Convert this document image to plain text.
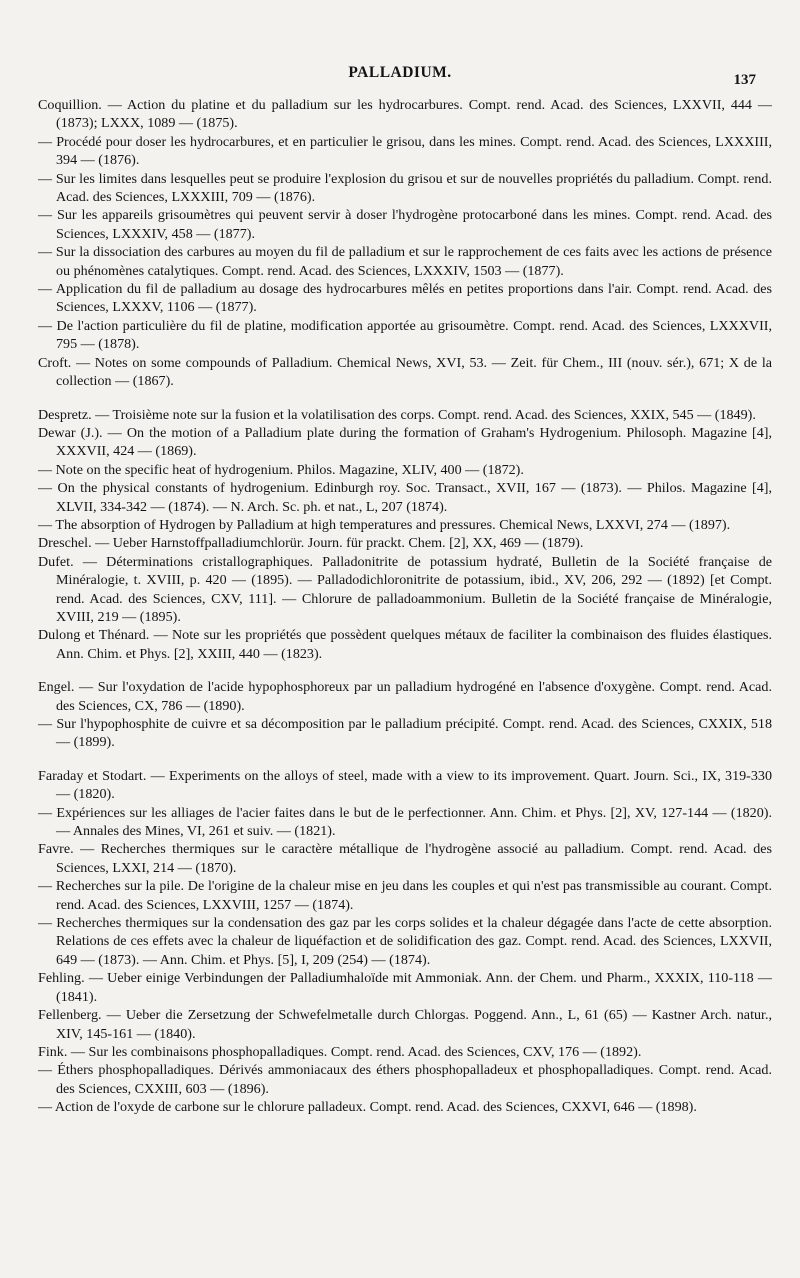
PALLADIUM.	137

Coquillion. — Action du platine et du palladium sur les hydrocarbures. Compt. rend. Acad. des Sciences, LXXVII, 444 — (1873); LXXX, 1089 — (1875).

— Procédé pour doser les hydrocarbures, et en particulier le grisou, dans les mines. Compt. rend. Acad. des Sciences, LXXXIII, 394 — (1876).

— Sur les limites dans lesquelles peut se produire l'explosion du grisou et sur de nouvelles propriétés du palladium. Compt. rend. Acad. des Sciences, LXXXIII, 709 — (1876).

— Sur les appareils grisoumètres qui peuvent servir à doser l'hydrogène protocarboné dans les mines. Compt. rend. Acad. des Sciences, LXXXIV, 458 — (1877).

— Sur la dissociation des carbures au moyen du fil de palladium et sur le rapprochement de ces faits avec les actions de présence ou phénomènes catalytiques. Compt. rend. Acad. des Sciences, LXXXIV, 1503 — (1877).

— Application du fil de palladium au dosage des hydrocarbures mêlés en petites proportions dans l'air. Compt. rend. Acad. des Sciences, LXXXV, 1106 — (1877).

— De l'action particulière du fil de platine, modification apportée au grisoumètre. Compt. rend. Acad. des Sciences, LXXXVII, 795 — (1878).

Croft. — Notes on some compounds of Palladium. Chemical News, XVI, 53. — Zeit. für Chem., III (nouv. sér.), 671; X de la collection — (1867).

Despretz. — Troisième note sur la fusion et la volatilisation des corps. Compt. rend. Acad. des Sciences, XXIX, 545 — (1849).

Dewar (J.). — On the motion of a Palladium plate during the formation of Graham's Hydrogenium. Philosoph. Magazine [4], XXXVII, 424 — (1869).

— Note on the specific heat of hydrogenium. Philos. Magazine, XLIV, 400 — (1872).

— On the physical constants of hydrogenium. Edinburgh roy. Soc. Transact., XVII, 167 — (1873). — Philos. Magazine [4], XLVII, 334-342 — (1874). — N. Arch. Sc. ph. et nat., L, 207 (1874).

— The absorption of Hydrogen by Palladium at high temperatures and pressures. Chemical News, LXXVI, 274 — (1897).

Dreschel. — Ueber Harnstoffpalladiumchlorür. Journ. für prackt. Chem. [2], XX, 469 — (1879).

Dufet. — Déterminations cristallographiques. Palladonitrite de potassium hydraté, Bulletin de la Société française de Minéralogie, t. XVIII, p. 420 — (1895). — Palladodichloronitrite de potassium, ibid., XV, 206, 292 — (1892) [et Compt. rend. Acad. des Sciences, CXV, 111]. — Chlorure de palladoammonium. Bulletin de la Société française de Minéralogie, XVIII, 219 — (1895).

Dulong et Thénard. — Note sur les propriétés que possèdent quelques métaux de faciliter la combinaison des fluides élastiques. Ann. Chim. et Phys. [2], XXIII, 440 — (1823).

Engel. — Sur l'oxydation de l'acide hypophosphoreux par un palladium hydrogéné en l'absence d'oxygène. Compt. rend. Acad. des Sciences, CX, 786 — (1890).

— Sur l'hypophosphite de cuivre et sa décomposition par le palladium précipité. Compt. rend. Acad. des Sciences, CXXIX, 518 — (1899).

Faraday et Stodart. — Experiments on the alloys of steel, made with a view to its improvement. Quart. Journ. Sci., IX, 319-330 — (1820).

— Expériences sur les alliages de l'acier faites dans le but de le perfectionner. Ann. Chim. et Phys. [2], XV, 127-144 — (1820). — Annales des Mines, VI, 261 et suiv. — (1821).

Favre. — Recherches thermiques sur le caractère métallique de l'hydrogène associé au palladium. Compt. rend. Acad. des Sciences, LXXI, 214 — (1870).

— Recherches sur la pile. De l'origine de la chaleur mise en jeu dans les couples et qui n'est pas transmissible au courant. Compt. rend. Acad. des Sciences, LXXVIII, 1257 — (1874).

— Recherches thermiques sur la condensation des gaz par les corps solides et la chaleur dégagée dans l'acte de cette absorption. Relations de ces effets avec la chaleur de liquéfaction et de solidification des gaz. Compt. rend. Acad. des Sciences, LXXVII, 649 — (1873). — Ann. Chim. et Phys. [5], I, 209 (254) — (1874).

Fehling. — Ueber einige Verbindungen der Palladiumhaloïde mit Ammoniak. Ann. der Chem. und Pharm., XXXIX, 110-118 — (1841).

Fellenberg. — Ueber die Zersetzung der Schwefelmetalle durch Chlorgas. Poggend. Ann., L, 61 (65) — Kastner Arch. natur., XIV, 145-161 — (1840).

Fink. — Sur les combinaisons phosphopalladiques. Compt. rend. Acad. des Sciences, CXV, 176 — (1892).

— Éthers phosphopalladiques. Dérivés ammoniacaux des éthers phosphopalladeux et phosphopalladiques. Compt. rend. Acad. des Sciences, CXXIII, 603 — (1896).

— Action de l'oxyde de carbone sur le chlorure palladeux. Compt. rend. Acad. des Sciences, CXXVI, 646 — (1898).
